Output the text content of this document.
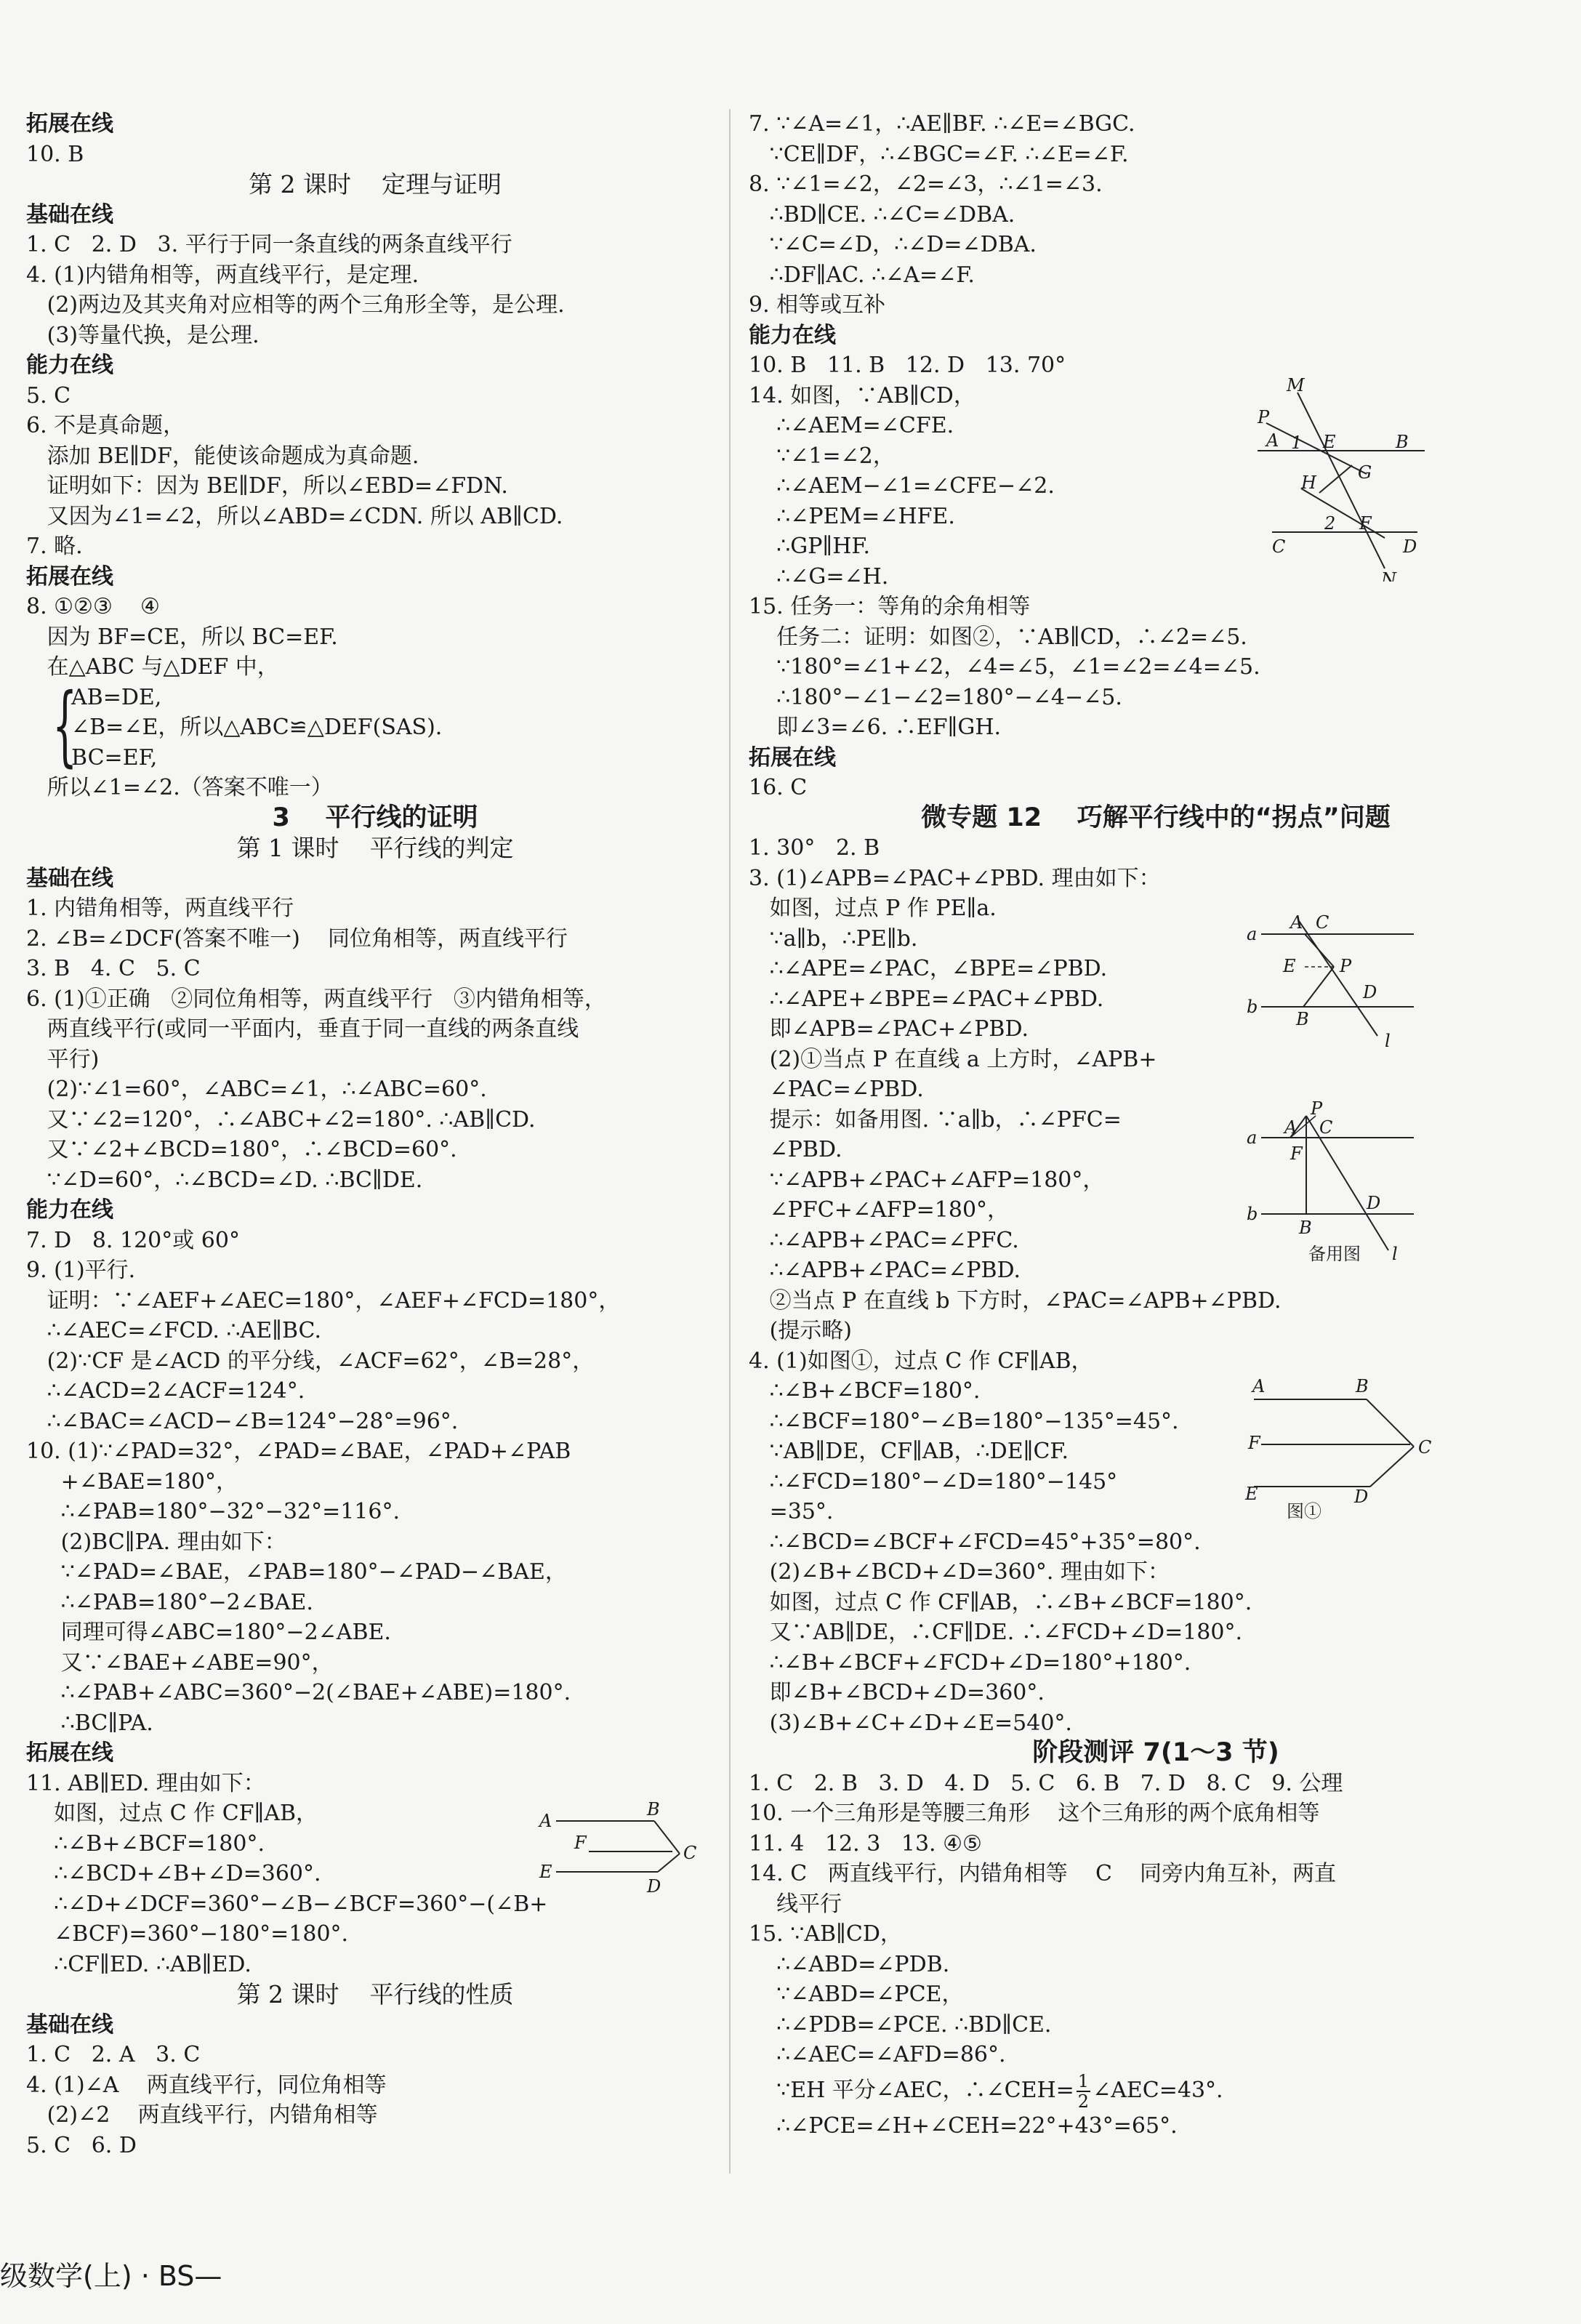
拓展在线
10. B
第 2 课时    定理与证明
基础在线
1. C   2. D   3. 平行于同一条直线的两条直线平行
4. (1)内错角相等，两直线平行，是定理.
(2)两边及其夹角对应相等的两个三角形全等，是公理.
(3)等量代换，是公理.
能力在线
5. C
6. 不是真命题，
添加 BE∥DF，能使该命题成为真命题.
证明如下：因为 BE∥DF，所以∠EBD=∠FDN.
又因为∠1=∠2，所以∠ABD=∠CDN. 所以 AB∥CD.
7. 略.
拓展在线
8. ①②③    ④
因为 BF=CE，所以 BC=EF.
在△ABC 与△DEF 中，
{
AB=DE,
∠B=∠E，所以△ABC≌△DEF(SAS).
BC=EF,
所以∠1=∠2.（答案不唯一）
3    平行线的证明
第 1 课时    平行线的判定
基础在线
1. 内错角相等，两直线平行
2. ∠B=∠DCF(答案不唯一)    同位角相等，两直线平行
3. B   4. C   5. C
6. (1)①正确   ②同位角相等，两直线平行   ③内错角相等，
两直线平行(或同一平面内，垂直于同一直线的两条直线
平行)
(2)∵∠1=60°，∠ABC=∠1，∴∠ABC=60°.
又∵∠2=120°，∴∠ABC+∠2=180°. ∴AB∥CD.
又∵∠2+∠BCD=180°，∴∠BCD=60°.
∵∠D=60°，∴∠BCD=∠D. ∴BC∥DE.
能力在线
7. D   8. 120°或 60°
9. (1)平行.
证明：∵∠AEF+∠AEC=180°，∠AEF+∠FCD=180°，
∴∠AEC=∠FCD. ∴AE∥BC.
(2)∵CF 是∠ACD 的平分线，∠ACF=62°，∠B=28°，
∴∠ACD=2∠ACF=124°.
∴∠BAC=∠ACD−∠B=124°−28°=96°.
10. (1)∵∠PAD=32°，∠PAD=∠BAE，∠PAD+∠PAB
+∠BAE=180°，
∴∠PAB=180°−32°−32°=116°.
(2)BC∥PA. 理由如下：
∵∠PAD=∠BAE，∠PAB=180°−∠PAD−∠BAE，
∴∠PAB=180°−2∠BAE.
同理可得∠ABC=180°−2∠ABE.
又∵∠BAE+∠ABE=90°，
∴∠PAB+∠ABC=360°−2(∠BAE+∠ABE)=180°.
∴BC∥PA.
拓展在线
11. AB∥ED. 理由如下：
如图，过点 C 作 CF∥AB，
∴∠B+∠BCF=180°.
∴∠BCD+∠B+∠D=360°.
∴∠D+∠DCF=360°−∠B−∠BCF=360°−(∠B+
∠BCF)=360°−180°=180°.
∴CF∥ED. ∴AB∥ED.
第 2 课时    平行线的性质
基础在线
1. C   2. A   3. C
4. (1)∠A    两直线平行，同位角相等
(2)∠2    两直线平行，内错角相等
5. C   6. D
7. ∵∠A=∠1，∴AE∥BF. ∴∠E=∠BGC.
∵CE∥DF，∴∠BGC=∠F. ∴∠E=∠F.
8. ∵∠1=∠2，∠2=∠3，∴∠1=∠3.
∴BD∥CE. ∴∠C=∠DBA.
∵∠C=∠D，∴∠D=∠DBA.
∴DF∥AC. ∴∠A=∠F.
9. 相等或互补
能力在线
10. B   11. B   12. D   13. 70°
14. 如图，∵AB∥CD，
∴∠AEM=∠CFE.
∵∠1=∠2，
∴∠AEM−∠1=∠CFE−∠2.
∴∠PEM=∠HFE.
∴GP∥HF.
∴∠G=∠H.
15. 任务一：等角的余角相等
任务二：证明：如图②，∵AB∥CD，∴∠2=∠5.
∵180°=∠1+∠2，∠4=∠5，∠1=∠2=∠4=∠5.
∴180°−∠1−∠2=180°−∠4−∠5.
即∠3=∠6. ∴EF∥GH.
拓展在线
16. C
微专题 12    巧解平行线中的“拐点”问题
1. 30°   2. B
3. (1)∠APB=∠PAC+∠PBD. 理由如下：
如图，过点 P 作 PE∥a.
∵a∥b，∴PE∥b.
∴∠APE=∠PAC，∠BPE=∠PBD.
∴∠APE+∠BPE=∠PAC+∠PBD.
即∠APB=∠PAC+∠PBD.
(2)①当点 P 在直线 a 上方时，∠APB+
∠PAC=∠PBD.
提示：如备用图. ∵a∥b，∴∠PFC=
∠PBD.
∵∠APB+∠PAC+∠AFP=180°，
∠PFC+∠AFP=180°，
∴∠APB+∠PAC=∠PFC.
∴∠APB+∠PAC=∠PBD.
②当点 P 在直线 b 下方时，∠PAC=∠APB+∠PBD.
(提示略)
4. (1)如图①，过点 C 作 CF∥AB，
∴∠B+∠BCF=180°.
∴∠BCF=180°−∠B=180°−135°=45°.
∵AB∥DE，CF∥AB，∴DE∥CF.
∴∠FCD=180°−∠D=180°−145°
=35°.
∴∠BCD=∠BCF+∠FCD=45°+35°=80°.
(2)∠B+∠BCD+∠D=360°. 理由如下：
如图，过点 C 作 CF∥AB，∴∠B+∠BCF=180°.
又∵AB∥DE，∴CF∥DE. ∴∠FCD+∠D=180°.
∴∠B+∠BCF+∠FCD+∠D=180°+180°.
即∠B+∠BCD+∠D=360°.
(3)∠B+∠C+∠D+∠E=540°.
阶段测评 7(1～3 节)
1. C   2. B   3. D   4. D   5. C   6. B   7. D   8. C   9. 公理
10. 一个三角形是等腰三角形    这个三角形的两个底角相等
11. 4   12. 3   13. ④⑤
14. C   两直线平行，内错角相等    C    同旁内角互补，两直
线平行
15. ∵AB∥CD，
∴∠ABD=∠PDB.
∵∠ABD=∠PCE，
∴∠PDB=∠PCE. ∴BD∥CE.
∴∠AEC=∠AFD=86°.
∵EH 平分∠AEC，∴∠CEH= $\frac{1}{2}$ ∠AEC=43°.
∴∠PCE=∠H+∠CEH=22°+43°=65°.
M
P
A 1 E	B
H G
2 F
C	D
N
a
A C
E	P
b
B
D
l
a A
P
C
F
b
B
D
l
备用图
A	B
F	C
E	D
图①
A
B
F	C
E
D
级数学(上) · BS—
